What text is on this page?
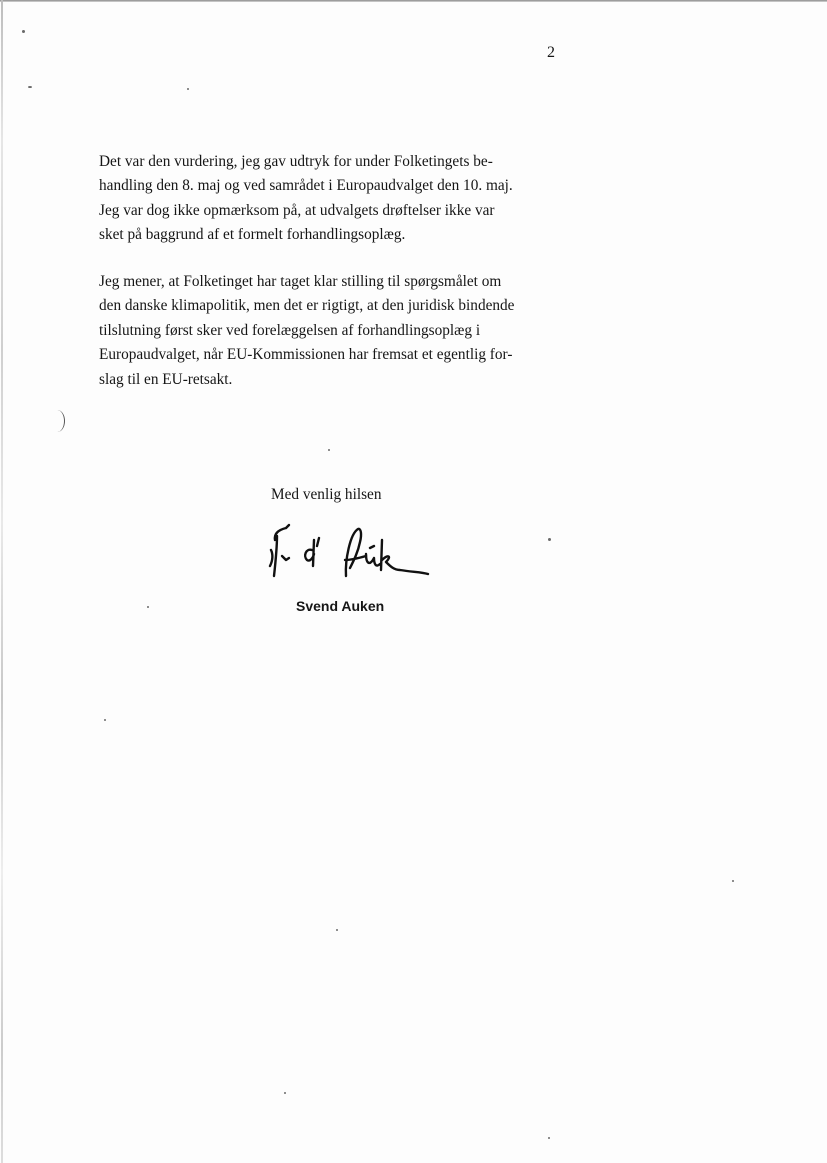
2

Det var den vurdering, jeg gav udtryk for under Folketingets be-
handling den 8. maj og ved samrådet i Europaudvalget den 10. maj.
Jeg var dog ikke opmærksom på, at udvalgets drøftelser ikke var
sket på baggrund af et formelt forhandlingsoplæg.

Jeg mener, at Folketinget har taget klar stilling til spørgsmålet om
den danske klimapolitik, men det er rigtigt, at den juridisk bindende
tilslutning først sker ved forelæggelsen af forhandlingsoplæg i
Europaudvalget, når EU-Kommissionen har fremsat et egentlig for-
slag til en EU-retsakt.

Med venlig hilsen
Svend Auken
